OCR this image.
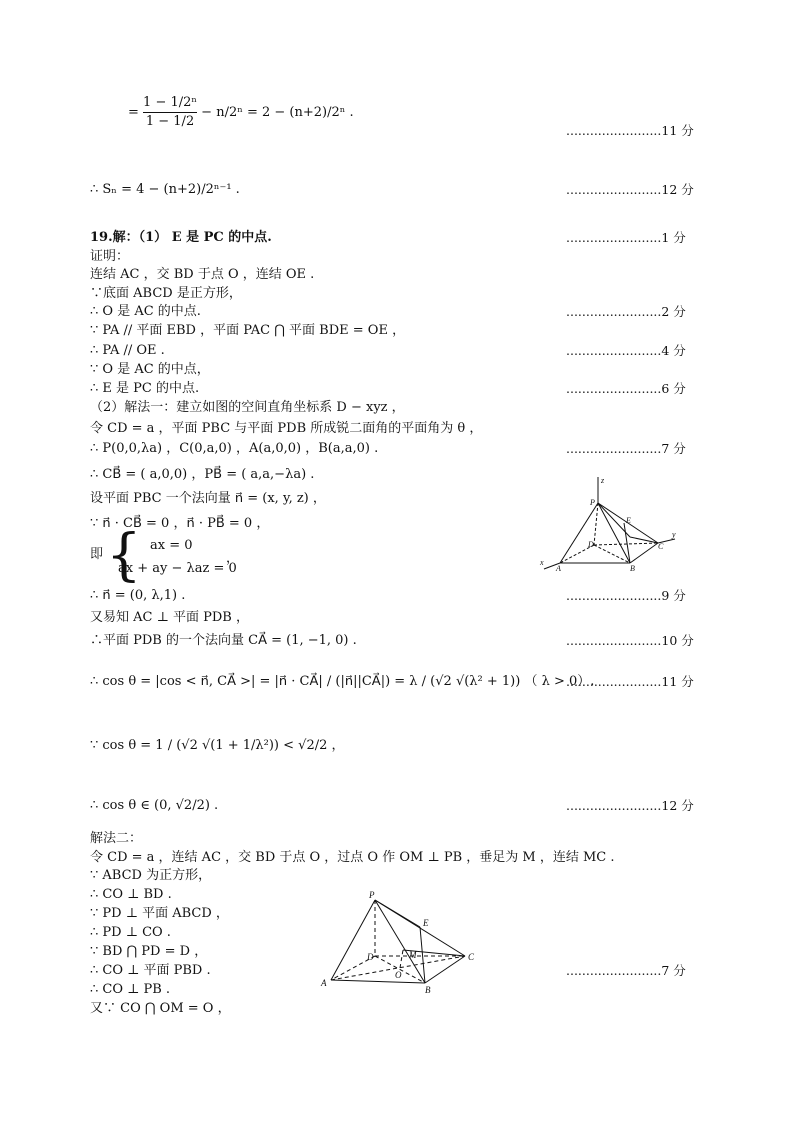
= $\frac{\text{1 − 1/2ⁿ}}{1 - 1/2} - n/2^n = 2 - (n+2)/2^n$ .
........................11 分
∴ Sₙ = 4 − (n+2)/2ⁿ⁻¹ .	........................12 分
19.解：（1） E 是 PC 的中点.	........................1 分
证明：
连结 AC ，交 BD 于点 O ，连结 OE .
∵底面 ABCD 是正方形，
∴ O 是 AC 的中点.	........................2 分
∵ PA // 平面 EBD ，平面 PAC ⋂ 平面 BDE = OE ，
∴ PA // OE .	........................4 分
∵ O 是 AC 的中点，
∴ E 是 PC 的中点.	........................6 分
（2）解法一：建立如图的空间直角坐标系 D − xyz ，
令 CD = a ，平面 PBC 与平面 PDB 所成锐二面角的平面角为 θ ，
∴ P(0,0,λa) ，C(0,a,0) ，A(a,0,0) ，B(a,a,0) .	........................7 分
∴ CB⃗ = ( a,0,0) ，PB⃗ = ( a,a,−λa) .
设平面 PBC 一个法向量 n⃗ = (x, y, z) ，
∵ n⃗ · CB⃗ = 0 ，n⃗ · PB⃗ = 0 ，
即 { ax = 0
ax + ay − λaz = 0
，
∴ n⃗ = (0, λ,1) .	........................9 分
又易知 AC ⊥ 平面 PDB ，
∴平面 PDB 的一个法向量 CA⃗ = (1, −1, 0) .	........................10 分
∴ cos θ = |cos < n⃗, CA⃗ >| = |n⃗ · CA⃗| / (|n⃗||CA⃗|) = λ / (√2 √(λ² + 1)) （ λ > 0）.
........................11 分
∵ cos θ = 1 / (√2 √(1 + 1/λ²)) < √2/2 ，
∴ cos θ ∈ (0, √2/2) .	........................12 分
解法二：
令 CD = a ，连结 AC ，交 BD 于点 O ，过点 O 作 OM ⊥ PB ，垂足为 M ，连结 MC .
∵ ABCD 为正方形，
∴ CO ⊥ BD .
∵ PD ⊥ 平面 ABCD ，
∴ PD ⊥ CO .
∵ BD ⋂ PD = D ，
∴ CO ⊥ 平面 PBD .	........................7 分
∴ CO ⊥ PB .
又∵ CO ⋂ OM = O ，
z
P
E
D
y
C
x
A	B
P
E
D	M	C
O
A
B
